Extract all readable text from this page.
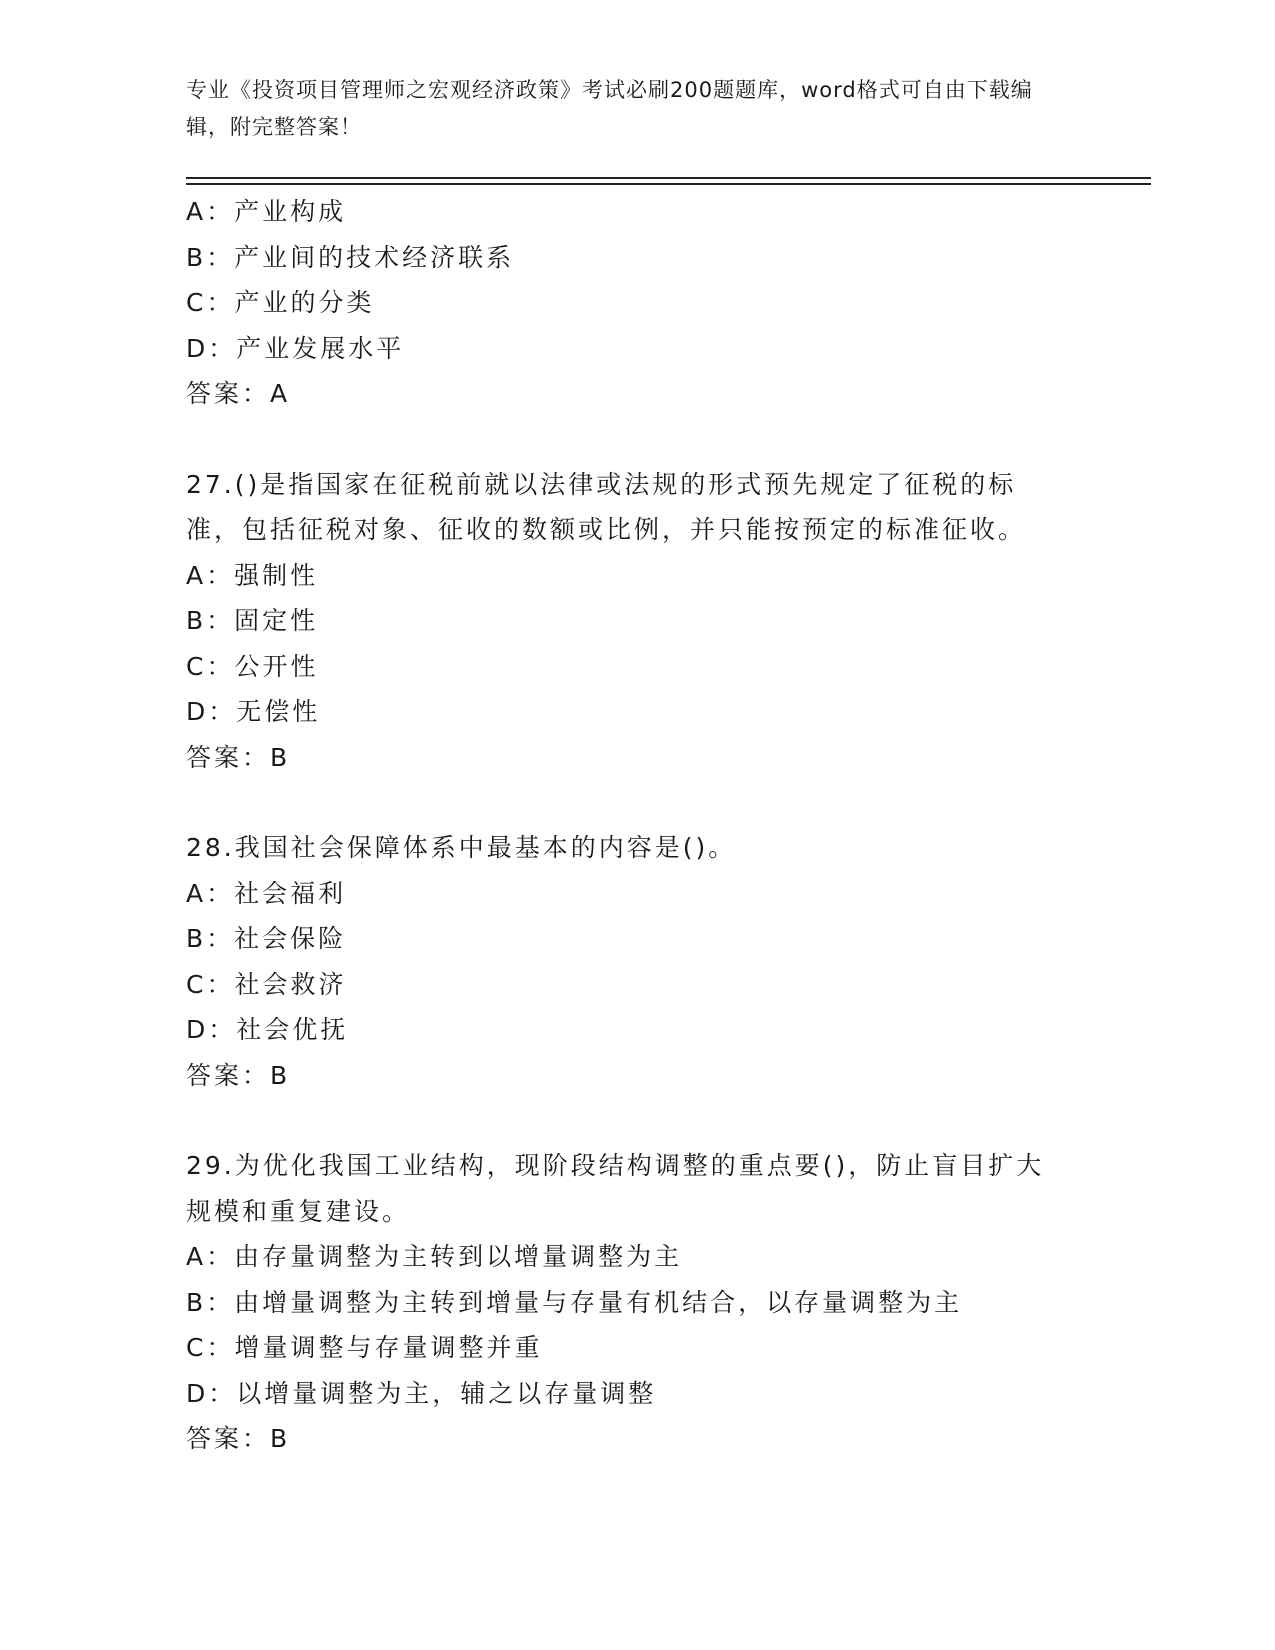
专业《投资项目管理师之宏观经济政策》考试必刷200题题库，word格式可自由下载编辑，附完整答案！
A：产业构成
B：产业间的技术经济联系
C：产业的分类
D：产业发展水平
答案：A
27.()是指国家在征税前就以法律或法规的形式预先规定了征税的标准，包括征税对象、征收的数额或比例，并只能按预定的标准征收。
A：强制性
B：固定性
C：公开性
D：无偿性
答案：B
28.我国社会保障体系中最基本的内容是()。
A：社会福利
B：社会保险
C：社会救济
D：社会优抚
答案：B
29.为优化我国工业结构，现阶段结构调整的重点要()，防止盲目扩大规模和重复建设。
A：由存量调整为主转到以增量调整为主
B：由增量调整为主转到增量与存量有机结合，以存量调整为主
C：增量调整与存量调整并重
D：以增量调整为主，辅之以存量调整
答案：B
